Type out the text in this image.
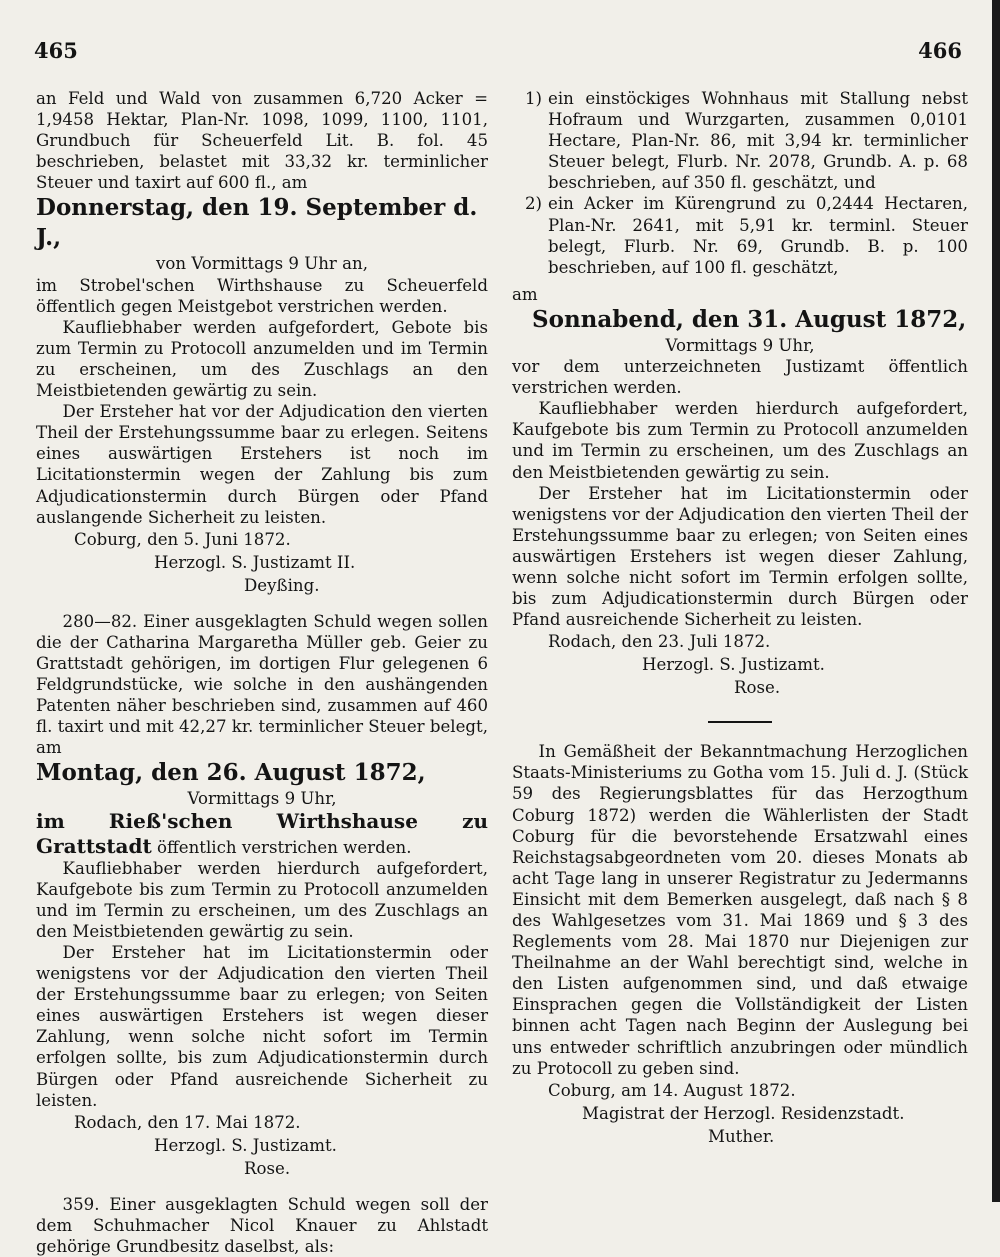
465	466

an Feld und Wald von zusammen 6,720 Acker = 1,9458 Hektar, Plan-Nr. 1098, 1099, 1100, 1101, Grundbuch für Scheuerfeld Lit. B. fol. 45 beschrieben, belastet mit 33,32 kr. terminlicher Steuer und taxirt auf 600 fl., am

Donnerstag, den 19. September d. J.,

von Vormittags 9 Uhr an,

im Strobel'schen Wirthshause zu Scheuerfeld öffentlich gegen Meistgebot verstrichen werden.

Kaufliebhaber werden aufgefordert, Gebote bis zum Termin zu Protocoll anzumelden und im Termin zu erscheinen, um des Zuschlags an den Meistbietenden gewärtig zu sein.

Der Ersteher hat vor der Adjudication den vierten Theil der Erstehungssumme baar zu erlegen. Seitens eines auswärtigen Erstehers ist noch im Licitationstermin wegen der Zahlung bis zum Adjudicationstermin durch Bürgen oder Pfand auslangende Sicherheit zu leisten.

Coburg, den 5. Juni 1872.

Herzogl. S. Justizamt II.

Deyßing.

280—82. Einer ausgeklagten Schuld wegen sollen die der Catharina Margaretha Müller geb. Geier zu Grattstadt gehörigen, im dortigen Flur gelegenen 6 Feldgrundstücke, wie solche in den aushängenden Patenten näher beschrieben sind, zusammen auf 460 fl. taxirt und mit 42,27 kr. terminlicher Steuer belegt, am

Montag, den 26. August 1872,

Vormittags 9 Uhr,

im Rieß'schen Wirthshause zu Grattstadt öffentlich verstrichen werden.

Kaufliebhaber werden hierdurch aufgefordert, Kaufgebote bis zum Termin zu Protocoll anzumelden und im Termin zu erscheinen, um des Zuschlags an den Meistbietenden gewärtig zu sein.

Der Ersteher hat im Licitationstermin oder wenigstens vor der Adjudication den vierten Theil der Erstehungssumme baar zu erlegen; von Seiten eines auswärtigen Erstehers ist wegen dieser Zahlung, wenn solche nicht sofort im Termin erfolgen sollte, bis zum Adjudicationstermin durch Bürgen oder Pfand ausreichende Sicherheit zu leisten.

Rodach, den 17. Mai 1872.

Herzogl. S. Justizamt.

Rose.

359. Einer ausgeklagten Schuld wegen soll der dem Schuhmacher Nicol Knauer zu Ahlstadt gehörige Grundbesitz daselbst, als:

1) ein einstöckiges Wohnhaus mit Stallung nebst Hofraum und Wurzgarten, zusammen 0,0101 Hectare, Plan-Nr. 86, mit 3,94 kr. terminlicher Steuer belegt, Flurb. Nr. 2078, Grundb. A. p. 68 beschrieben, auf 350 fl. geschätzt, und
2) ein Acker im Kürengrund zu 0,2444 Hectaren, Plan-Nr. 2641, mit 5,91 kr. terminl. Steuer belegt, Flurb. Nr. 69, Grundb. B. p. 100 beschrieben, auf 100 fl. geschätzt,

am

Sonnabend, den 31. August 1872,

Vormittags 9 Uhr,

vor dem unterzeichneten Justizamt öffentlich verstrichen werden.

Kaufliebhaber werden hierdurch aufgefordert, Kaufgebote bis zum Termin zu Protocoll anzumelden und im Termin zu erscheinen, um des Zuschlags an den Meistbietenden gewärtig zu sein.

Der Ersteher hat im Licitationstermin oder wenigstens vor der Adjudication den vierten Theil der Erstehungssumme baar zu erlegen; von Seiten eines auswärtigen Erstehers ist wegen dieser Zahlung, wenn solche nicht sofort im Termin erfolgen sollte, bis zum Adjudicationstermin durch Bürgen oder Pfand ausreichende Sicherheit zu leisten.

Rodach, den 23. Juli 1872.

Herzogl. S. Justizamt.

Rose.

In Gemäßheit der Bekanntmachung Herzoglichen Staats-Ministeriums zu Gotha vom 15. Juli d. J. (Stück 59 des Regierungsblattes für das Herzogthum Coburg 1872) werden die Wählerlisten der Stadt Coburg für die bevorstehende Ersatzwahl eines Reichstagsabgeordneten vom 20. dieses Monats ab acht Tage lang in unserer Registratur zu Jedermanns Einsicht mit dem Bemerken ausgelegt, daß nach § 8 des Wahlgesetzes vom 31. Mai 1869 und § 3 des Reglements vom 28. Mai 1870 nur Diejenigen zur Theilnahme an der Wahl berechtigt sind, welche in den Listen aufgenommen sind, und daß etwaige Einsprachen gegen die Vollständigkeit der Listen binnen acht Tagen nach Beginn der Auslegung bei uns entweder schriftlich anzubringen oder mündlich zu Protocoll zu geben sind.

Coburg, am 14. August 1872.

Magistrat der Herzogl. Residenzstadt.

Muther.
